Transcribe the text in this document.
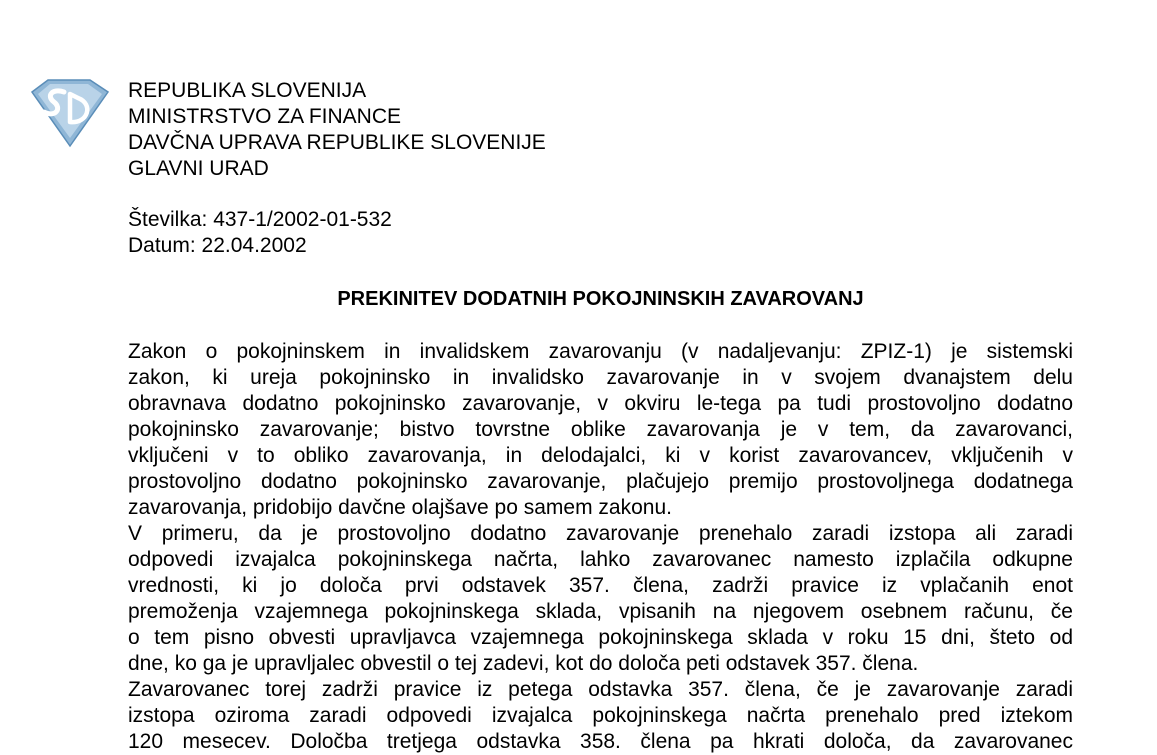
REPUBLIKA SLOVENIJA
MINISTRSTVO ZA FINANCE
DAVČNA UPRAVA REPUBLIKE SLOVENIJE
GLAVNI URAD
Številka: 437-1/2002-01-532
Datum: 22.04.2002
PREKINITEV DODATNIH POKOJNINSKIH ZAVAROVANJ
Zakon o pokojninskem in invalidskem zavarovanju (v nadaljevanju: ZPIZ-1) je sistemski
zakon, ki ureja pokojninsko in invalidsko zavarovanje in v svojem dvanajstem delu
obravnava dodatno pokojninsko zavarovanje, v okviru le-tega pa tudi prostovoljno dodatno
pokojninsko zavarovanje; bistvo tovrstne oblike zavarovanja je v tem, da zavarovanci,
vključeni v to obliko zavarovanja, in delodajalci, ki v korist zavarovancev, vključenih v
prostovoljno dodatno pokojninsko zavarovanje, plačujejo premijo prostovoljnega dodatnega
zavarovanja, pridobijo davčne olajšave po samem zakonu.
V primeru, da je prostovoljno dodatno zavarovanje prenehalo zaradi izstopa ali zaradi
odpovedi izvajalca pokojninskega načrta, lahko zavarovanec namesto izplačila odkupne
vrednosti, ki jo določa prvi odstavek 357. člena, zadrži pravice iz vplačanih enot
premoženja vzajemnega pokojninskega sklada, vpisanih na njegovem osebnem računu, če
o tem pisno obvesti upravljavca vzajemnega pokojninskega sklada v roku 15 dni, šteto od
dne, ko ga je upravljalec obvestil o tej zadevi, kot do določa peti odstavek 357. člena.
Zavarovanec torej zadrži pravice iz petega odstavka 357. člena, če je zavarovanje zaradi
izstopa oziroma zaradi odpovedi izvajalca pokojninskega načrta prenehalo pred iztekom
120 mesecev. Določba tretjega odstavka 358. člena pa hkrati določa, da zavarovanec
